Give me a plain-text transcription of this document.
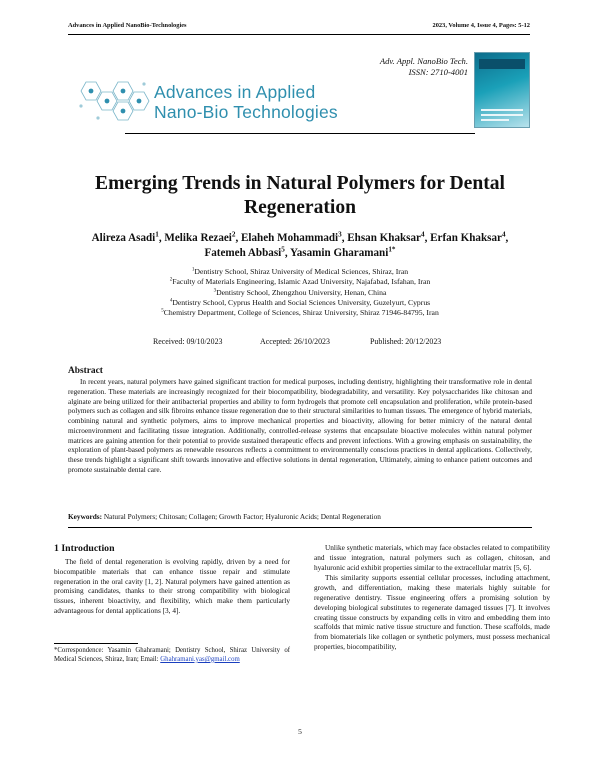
Advances in Applied NanoBio-Technologies	2023, Volume 4, Issue 4, Pages: 5-12
Advances in Applied
Nano-Bio Technologies
Adv. Appl. NanoBio Tech.
ISSN: 2710-4001
Emerging Trends in Natural Polymers for Dental Regeneration
Alireza Asadi$^1$, Melika Rezaei$^2$, Elaheh Mohammadi$^3$, Ehsan Khaksar$^4$, Erfan Khaksar$^4$,
Fatemeh Abbasi$^5$, Yasamin Gharamani$^{1*}$
$^1$Dentistry School, Shiraz University of Medical Sciences, Shiraz, Iran
$^2$Faculty of Materials Engineering, Islamic Azad University, Najafabad, Isfahan, Iran
$^3$Dentistry School, Zhengzhou University, Henan, China
$^4$Dentistry School, Cyprus Health and Social Sciences University, Guzelyurt, Cyprus
$^5$Chemistry Department, College of Sciences, Shiraz University, Shiraz 71946-84795, Iran
Received: 09/10/2023	Accepted: 26/10/2023	Published: 20/12/2023
Abstract

In recent years, natural polymers have gained significant traction for medical purposes, including dentistry, highlighting their transformative role in dental regeneration. These materials are increasingly recognized for their biocompatibility, biodegradability, and versatility. Key polysaccharides like chitosan and alginate are being utilized for their antibacterial properties and ability to form hydrogels that promote cell encapsulation and proliferation, while protein-based polymers such as collagen and silk fibroins enhance tissue regeneration due to their structural similarities to human tissues. The emergence of hybrid materials, combining natural and synthetic polymers, aims to improve mechanical properties and bioactivity, allowing for better mimicry of the natural dental microenvironment and facilitating tissue integration. Additionally, controlled-release systems that encapsulate bioactive molecules within natural polymer matrices are gaining attention for their potential to provide sustained therapeutic effects and prevent infections. With a growing emphasis on sustainability, the exploration of plant-based polymers as renewable resources reflects a commitment to environmentally conscious practices in dental applications. Collectively, these trends highlight a significant shift towards innovative and effective solutions in dental regeneration, Ultimately, aiming to enhance patient outcomes and promote sustainable dental care.

Keywords: Natural Polymers; Chitosan; Collagen; Growth Factor; Hyaluronic Acids; Dental Regeneration
1 Introduction

The field of dental regeneration is evolving rapidly, driven by a need for biocompatible materials that can enhance tissue repair and stimulate regeneration in the oral cavity [1, 2]. Natural polymers have gained attention as promising candidates, thanks to their strong compatibility with biological tissues, inherent bioactivity, and flexibility, which make them particularly advantageous for dental applications [3, 4].

Unlike synthetic materials, which may face obstacles related to compatibility and tissue integration, natural polymers such as collagen, chitosan, and hyaluronic acid exhibit properties similar to the extracellular matrix [5, 6].

This similarity supports essential cellular processes, including attachment, growth, and differentiation, making these materials highly suitable for regenerative dentistry. Tissue engineering offers a promising solution by developing biological substitutes to regenerate damaged tissues [7]. It involves creating tissue constructs by expanding cells in vitro and embedding them into scaffolds that mimic native tissue structure and function. These scaffolds, made from biomaterials like collagen or synthetic polymers, must possess mechanical properties, biocompatibility,

*Correspondence: Yasamin Ghahramani; Dentistry School, Shiraz University of Medical Sciences, Shiraz, Iran; Email: Ghahramani.yas@gmail.com
5
